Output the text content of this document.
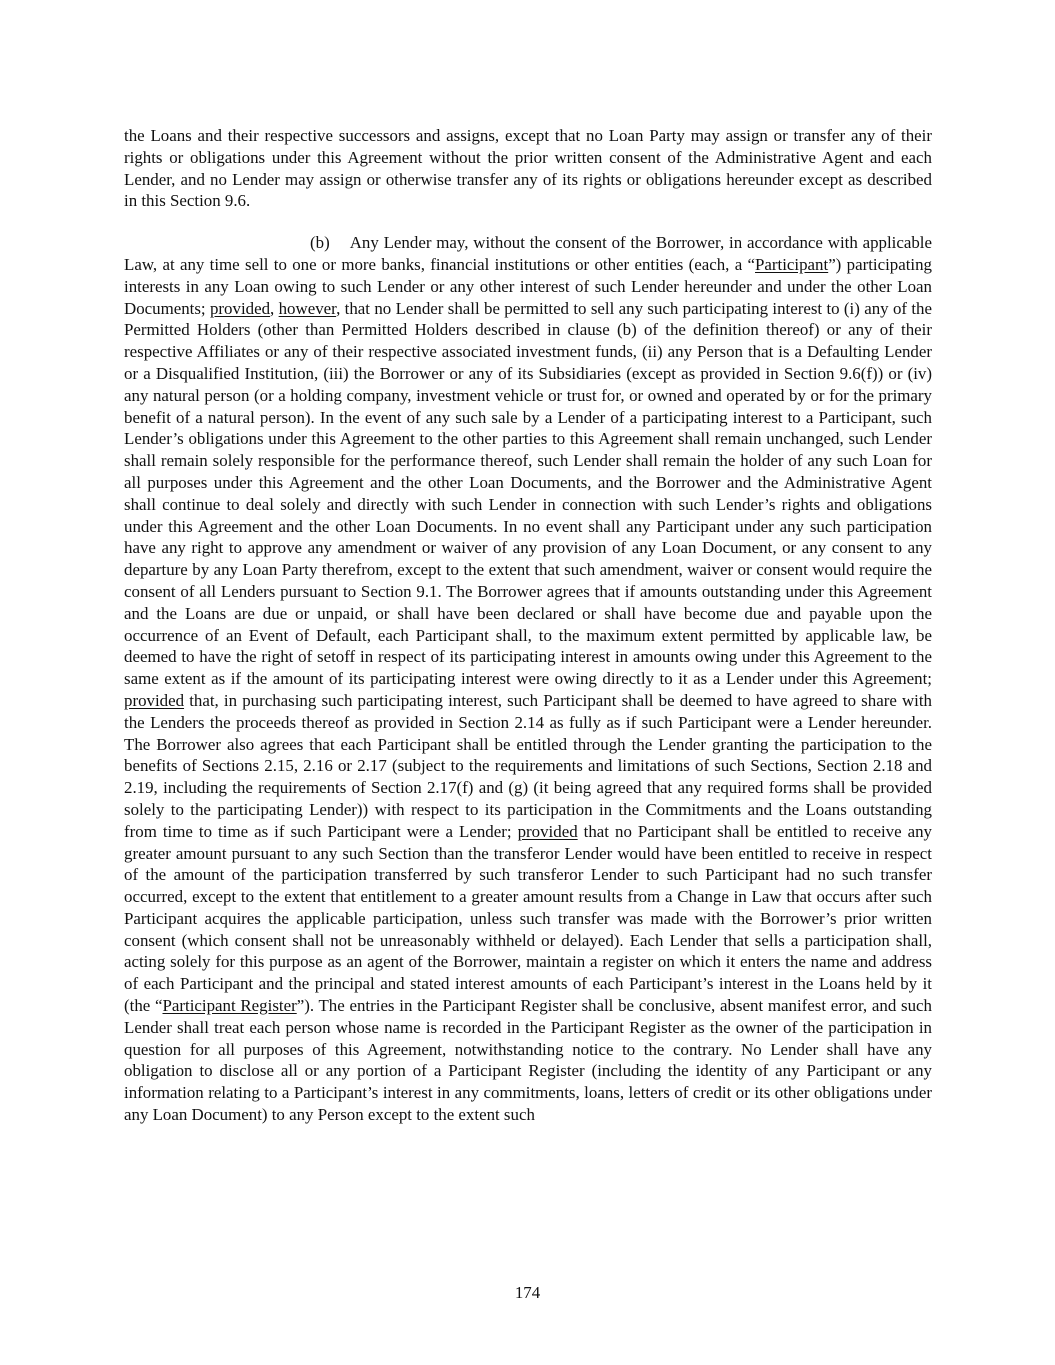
the Loans and their respective successors and assigns, except that no Loan Party may assign or transfer any of their rights or obligations under this Agreement without the prior written consent of the Administrative Agent and each Lender, and no Lender may assign or otherwise transfer any of its rights or obligations hereunder except as described in this Section 9.6.

(b) Any Lender may, without the consent of the Borrower, in accordance with applicable Law, at any time sell to one or more banks, financial institutions or other entities (each, a “Participant”) participating interests in any Loan owing to such Lender or any other interest of such Lender hereunder and under the other Loan Documents; provided, however, that no Lender shall be permitted to sell any such participating interest to (i) any of the Permitted Holders (other than Permitted Holders described in clause (b) of the definition thereof) or any of their respective Affiliates or any of their respective associated investment funds, (ii) any Person that is a Defaulting Lender or a Disqualified Institution, (iii) the Borrower or any of its Subsidiaries (except as provided in Section 9.6(f)) or (iv) any natural person (or a holding company, investment vehicle or trust for, or owned and operated by or for the primary benefit of a natural person). In the event of any such sale by a Lender of a participating interest to a Participant, such Lender’s obligations under this Agreement to the other parties to this Agreement shall remain unchanged, such Lender shall remain solely responsible for the performance thereof, such Lender shall remain the holder of any such Loan for all purposes under this Agreement and the other Loan Documents, and the Borrower and the Administrative Agent shall continue to deal solely and directly with such Lender in connection with such Lender’s rights and obligations under this Agreement and the other Loan Documents. In no event shall any Participant under any such participation have any right to approve any amendment or waiver of any provision of any Loan Document, or any consent to any departure by any Loan Party therefrom, except to the extent that such amendment, waiver or consent would require the consent of all Lenders pursuant to Section 9.1. The Borrower agrees that if amounts outstanding under this Agreement and the Loans are due or unpaid, or shall have been declared or shall have become due and payable upon the occurrence of an Event of Default, each Participant shall, to the maximum extent permitted by applicable law, be deemed to have the right of setoff in respect of its participating interest in amounts owing under this Agreement to the same extent as if the amount of its participating interest were owing directly to it as a Lender under this Agreement; provided that, in purchasing such participating interest, such Participant shall be deemed to have agreed to share with the Lenders the proceeds thereof as provided in Section 2.14 as fully as if such Participant were a Lender hereunder. The Borrower also agrees that each Participant shall be entitled through the Lender granting the participation to the benefits of Sections 2.15, 2.16 or 2.17 (subject to the requirements and limitations of such Sections, Section 2.18 and 2.19, including the requirements of Section 2.17(f) and (g) (it being agreed that any required forms shall be provided solely to the participating Lender)) with respect to its participation in the Commitments and the Loans outstanding from time to time as if such Participant were a Lender; provided that no Participant shall be entitled to receive any greater amount pursuant to any such Section than the transferor Lender would have been entitled to receive in respect of the amount of the participation transferred by such transferor Lender to such Participant had no such transfer occurred, except to the extent that entitlement to a greater amount results from a Change in Law that occurs after such Participant acquires the applicable participation, unless such transfer was made with the Borrower’s prior written consent (which consent shall not be unreasonably withheld or delayed). Each Lender that sells a participation shall, acting solely for this purpose as an agent of the Borrower, maintain a register on which it enters the name and address of each Participant and the principal and stated interest amounts of each Participant’s interest in the Loans held by it (the “Participant Register”). The entries in the Participant Register shall be conclusive, absent manifest error, and such Lender shall treat each person whose name is recorded in the Participant Register as the owner of the participation in question for all purposes of this Agreement, notwithstanding notice to the contrary. No Lender shall have any obligation to disclose all or any portion of a Participant Register (including the identity of any Participant or any information relating to a Participant’s interest in any commitments, loans, letters of credit or its other obligations under any Loan Document) to any Person except to the extent such

174
